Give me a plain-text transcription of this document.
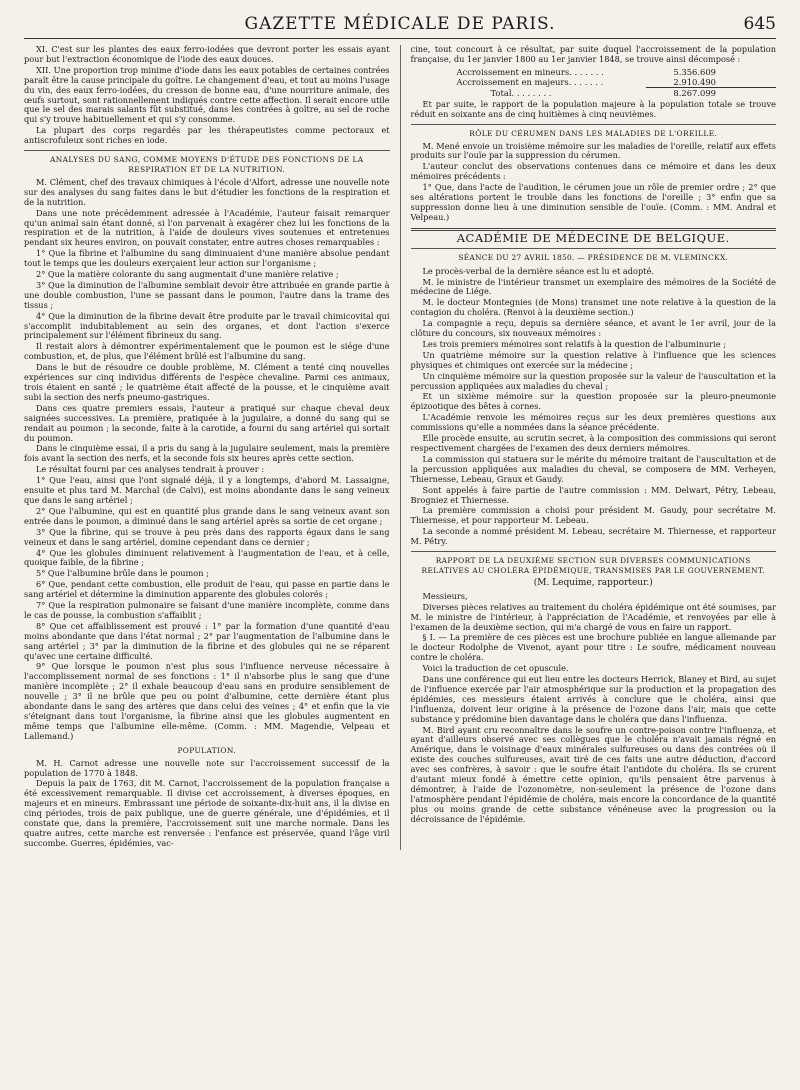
GAZETTE MÉDICALE DE PARIS.	645

XI. C'est sur les plantes des eaux ferro-iodées que devront porter les essais ayant pour but l'extraction économique de l'iode des eaux douces.

XII. Une proportion trop minime d'iode dans les eaux potables de certaines contrées paraît être la cause principale du goître. Le changement d'eau, et tout au moins l'usage du vin, des eaux ferro-iodées, du cresson de bonne eau, d'une nourriture animale, des œufs surtout, sont rationnellement indiqués contre cette affection. Il serait encore utile que le sel des marais salants fût substitué, dans les contrées à goître, au sel de roche qui s'y trouve habituellement et qui s'y consomme.

La plupart des corps regardés par les thérapeutistes comme pectoraux et antiscrofuleux sont riches en iode.

ANALYSES DU SANG, COMME MOYENS D'ÉTUDE DES FONCTIONS DE LA RESPIRATION ET DE LA NUTRITION.

M. Clément, chef des travaux chimiques à l'école d'Alfort, adresse une nouvelle note sur des analyses du sang faites dans le but d'étudier les fonctions de la respiration et de la nutrition.

Dans une note précédemment adressée à l'Académie, l'auteur faisait remarquer qu'un animal sain étant donné, si l'on parvenait à exagérer chez lui les fonctions de la respiration et de la nutrition, à l'aide de douleurs vives soutenues et entretenues pendant six heures environ, on pouvait constater, entre autres choses remarquables :

1° Que la fibrine et l'albumine du sang diminuaient d'une manière absolue pendant tout le temps que les douleurs exerçaient leur action sur l'organisme ;

2° Que la matière colorante du sang augmentait d'une manière relative ;

3° Que la diminution de l'albumine semblait devoir être attribuée en grande partie à une double combustion, l'une se passant dans le poumon, l'autre dans la trame des tissus ;

4° Que la diminution de la fibrine devait être produite par le travail chimicovital qui s'accomplit indubitablement au sein des organes, et dont l'action s'exerce principalement sur l'élément fibrineux du sang.

Il restait alors à démontrer expérimentalement que le poumon est le siége d'une combustion, et, de plus, que l'élément brûlé est l'albumine du sang.

Dans le but de résoudre ce double problème, M. Clément a tenté cinq nouvelles expériences sur cinq individus différents de l'espèce chevaline. Parmi ces animaux, trois étaient en santé ; le quatrième était affecté de la pousse, et le cinquième avait subi la section des nerfs pneumo-gastriques.

Dans ces quatre premiers essais, l'auteur a pratiqué sur chaque cheval deux saignées successives. La première, pratiquée à la jugulaire, a donné du sang qui se rendait au poumon ; la seconde, faite à la carotide, a fourni du sang artériel qui sortait du poumon.

Dans le cinquième essai, il a pris du sang à la jugulaire seulement, mais la première fois avant la section des nerfs, et la seconde fois six heures après cette section.

Le résultat fourni par ces analyses tendrait à prouver :

1° Que l'eau, ainsi que l'ont signalé déjà, il y a longtemps, d'abord M. Lassaigne, ensuite et plus tard M. Marchal (de Calvi), est moins abondante dans le sang veineux que dans le sang artériel ;

2° Que l'albumine, qui est en quantité plus grande dans le sang veineux avant son entrée dans le poumon, a diminué dans le sang artériel après sa sortie de cet organe ;

3° Que la fibrine, qui se trouve à peu près dans des rapports égaux dans le sang veineux et dans le sang artériel, domine cependant dans ce dernier ;

4° Que les globules diminuent relativement à l'augmentation de l'eau, et à celle, quoique faible, de la fibrine ;

5° Que l'albumine brûle dans le poumon ;

6° Que, pendant cette combustion, elle produit de l'eau, qui passe en partie dans le sang artériel et détermine la diminution apparente des globules colorés ;

7° Que la respiration pulmonaire se faisant d'une manière incomplète, comme dans le cas de pousse, la combustion s'affaiblit ;

8° Que cet affaiblissement est prouvé : 1° par la formation d'une quantité d'eau moins abondante que dans l'état normal ; 2° par l'augmentation de l'albumine dans le sang artériel ; 3° par la diminution de la fibrine et des globules qui ne se réparent qu'avec une certaine difficulté.

9° Que lorsque le poumon n'est plus sous l'influence nerveuse nécessaire à l'accomplissement normal de ses fonctions : 1° il n'absorbe plus le sang que d'une manière incomplète ; 2° il exhale beaucoup d'eau sans en produire sensiblement de nouvelle ; 3° il ne brûle que peu ou point d'albumine, cette dernière étant plus abondante dans le sang des artères que dans celui des veines ; 4° et enfin que la vie s'éteignant dans tout l'organisme, la fibrine ainsi que les globules augmentent en même temps que l'albumine elle-même. (Comm. : MM. Magendie, Velpeau et Lallemand.)

POPULATION.

M. H. Carnot adresse une nouvelle note sur l'accroissement successif de la population de 1770 à 1848.

Depuis la paix de 1763, dit M. Carnot, l'accroissement de la population française a été excessivement remarquable. Il divise cet accroissement, à diverses époques, en majeurs et en mineurs. Embrassant une période de soixante-dix-huit ans, il la divise en cinq périodes, trois de paix publique, une de guerre générale, une d'épidémies, et il constate que, dans la première, l'accroissement suit une marche normale. Dans les quatre autres, cette marche est renversée : l'enfance est préservée, quand l'âge viril succombe. Guerres, épidémies, vac-

cine, tout concourt à ce résultat, par suite duquel l'accroissement de la population française, du 1er janvier 1800 au 1er janvier 1848, se trouve ainsi décomposé :

Accroissement en mineurs. . . . . . .	5.356.609
Accroissement en majeurs. . . . . . .	2.910.490
Total. . . . . . . .	8.267.099

Et par suite, le rapport de la population majeure à la population totale se trouve réduit en soixante ans de cinq huitièmes à cinq neuvièmes.

RÔLE DU CÉRUMEN DANS LES MALADIES DE L'OREILLE.

M. Mené envoie un troisième mémoire sur les maladies de l'oreille, relatif aux effets produits sur l'ouïe par la suppression du cérumen.

L'auteur conclut des observations contenues dans ce mémoire et dans les deux mémoires précédents :

1° Que, dans l'acte de l'audition, le cérumen joue un rôle de premier ordre ; 2° que ses altérations portent le trouble dans les fonctions de l'oreille ; 3° enfin que sa suppression donne lieu à une diminution sensible de l'ouïe. (Comm. : MM. Andral et Velpeau.)

ACADÉMIE DE MÉDECINE DE BELGIQUE.
SÉANCE DU 27 AVRIL 1850. — PRÉSIDENCE DE M. VLEMINCKX.

Le procès-verbal de la dernière séance est lu et adopté.

M. le ministre de l'intérieur transmet un exemplaire des mémoires de la Société de médecine de Liége.

M. le docteur Montegnies (de Mons) transmet une note relative à la question de la contagion du choléra. (Renvoi à la deuxième section.)

La compagnie a reçu, depuis sa dernière séance, et avant le 1er avril, jour de la clôture du concours, six nouveaux mémoires :

Les trois premiers mémoires sont relatifs à la question de l'albuminurie ;

Un quatrième mémoire sur la question relative à l'influence que les sciences physiques et chimiques ont exercée sur la médecine ;

Un cinquième mémoire sur la question proposée sur la valeur de l'auscultation et la percussion appliquées aux maladies du cheval ;

Et un sixième mémoire sur la question proposée sur la pleuro-pneumonie épizootique des bêtes à cornes.

L'Académie renvoie les mémoires reçus sur les deux premières questions aux commissions qu'elle a nommées dans la séance précédente.

Elle procède ensuite, au scrutin secret, à la composition des commissions qui seront respectivement chargées de l'examen des deux derniers mémoires.

La commission qui statuera sur le mérite du mémoire traitant de l'auscultation et de la percussion appliquées aux maladies du cheval, se composera de MM. Verheyen, Thiernesse, Lebeau, Graux et Gaudy.

Sont appelés à faire partie de l'autre commission : MM. Delwart, Pétry, Lebeau, Brogniez et Thiernesse.

La première commission a choisi pour président M. Gaudy, pour secrétaire M. Thiernesse, et pour rapporteur M. Lebeau.

La seconde a nommé président M. Lebeau, secrétaire M. Thiernesse, et rapporteur M. Pétry.

RAPPORT DE LA DEUXIÈME SECTION SUR DIVERSES COMMUNICATIONS RELATIVES AU CHOLÉRA ÉPIDÉMIQUE, TRANSMISES PAR LE GOUVERNEMENT.
(M. Lequime, rapporteur.)

Messieurs,

Diverses pièces relatives au traitement du choléra épidémique ont été soumises, par M. le ministre de l'intérieur, à l'appréciation de l'Académie, et renvoyées par elle à l'examen de la deuxième section, qui m'a chargé de vous en faire un rapport.

§ I. — La première de ces pièces est une brochure publiée en langue allemande par le docteur Rodolphe de Vivenot, ayant pour titre : Le soufre, médicament nouveau contre le choléra.

Voici la traduction de cet opuscule.

Dans une conférence qui eut lieu entre les docteurs Herrick, Blaney et Bird, au sujet de l'influence exercée par l'air atmosphérique sur la production et la propagation des épidémies, ces messieurs étaient arrivés à conclure que le choléra, ainsi que l'influenza, doivent leur origine à la présence de l'ozone dans l'air, mais que cette substance y prédomine bien davantage dans le choléra que dans l'influenza.

M. Bird ayant cru reconnaître dans le soufre un contre-poison contre l'influenza, et ayant d'ailleurs observé avec ses collègues que le choléra n'avait jamais régné en Amérique, dans le voisinage d'eaux minérales sulfureuses ou dans des contrées où il existe des couches sulfureuses, avait tiré de ces faits une autre déduction, d'accord avec ses confrères, à savoir : que le soufre était l'antidote du choléra. Ils se crurent d'autant mieux fondé à émettre cette opinion, qu'ils pensaient être parvenus à démontrer, à l'aide de l'ozonomètre, non-seulement la présence de l'ozone dans l'atmosphère pendant l'épidémie de choléra, mais encore la concordance de la quantité plus ou moins grande de cette substance vénéneuse avec la progression ou la décroissance de l'épidémie.
